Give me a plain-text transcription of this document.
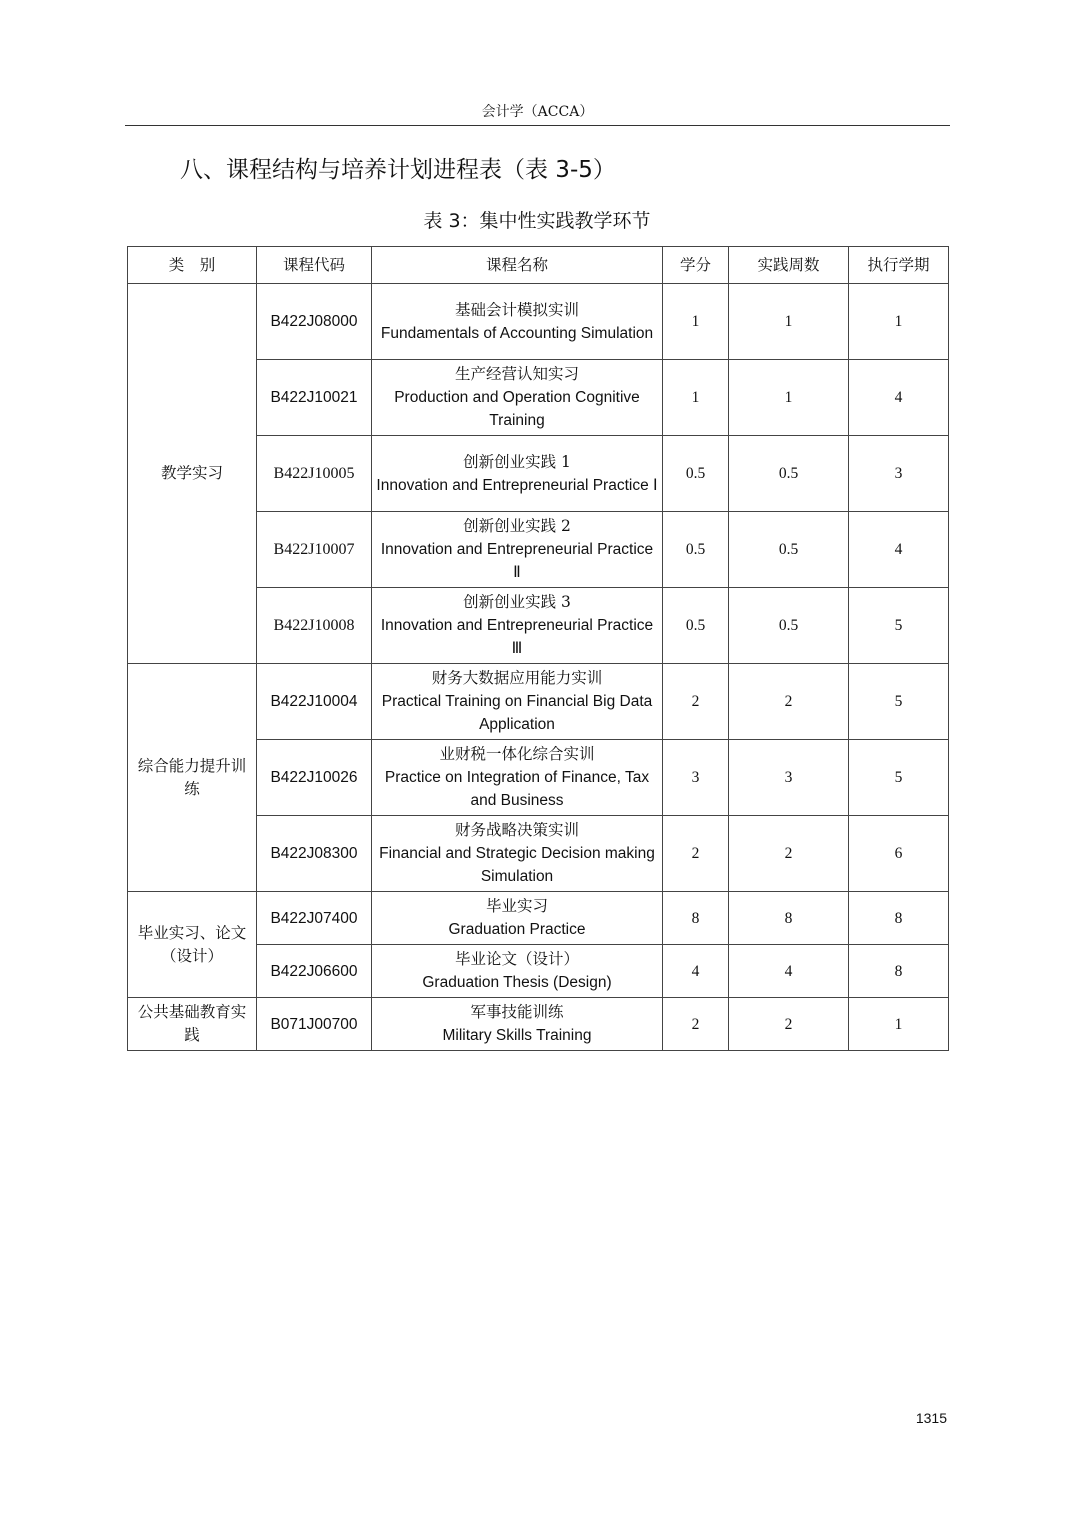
会计学（ACCA）
八、课程结构与培养计划进程表（表 3-5）
表 3：集中性实践教学环节
类　别	课程代码	课程名称	学分	实践周数	执行学期
教学实习	B422J08000	基础会计模拟实训
Fundamentals of Accounting Simulation	1	1	1
	B422J10021	生产经营认知实习
Production and Operation Cognitive Training	1	1	4
	B422J10005	创新创业实践 1
Innovation and Entrepreneurial Practice Ⅰ	0.5	0.5	3
	B422J10007	创新创业实践 2
Innovation and Entrepreneurial Practice Ⅱ	0.5	0.5	4
	B422J10008	创新创业实践 3
Innovation and Entrepreneurial Practice Ⅲ	0.5	0.5	5
综合能力提升训练	B422J10004	财务大数据应用能力实训
Practical Training on Financial Big Data Application	2	2	5
	B422J10026	业财税一体化综合实训
Practice on Integration of Finance, Tax and Business	3	3	5
	B422J08300	财务战略决策实训
Financial and Strategic Decision making Simulation	2	2	6
毕业实习、论文（设计）	B422J07400	毕业实习
Graduation Practice	8	8	8
	B422J06600	毕业论文（设计）
Graduation Thesis (Design)	4	4	8
公共基础教育实践	B071J00700	军事技能训练
Military Skills Training	2	2	1
1315
